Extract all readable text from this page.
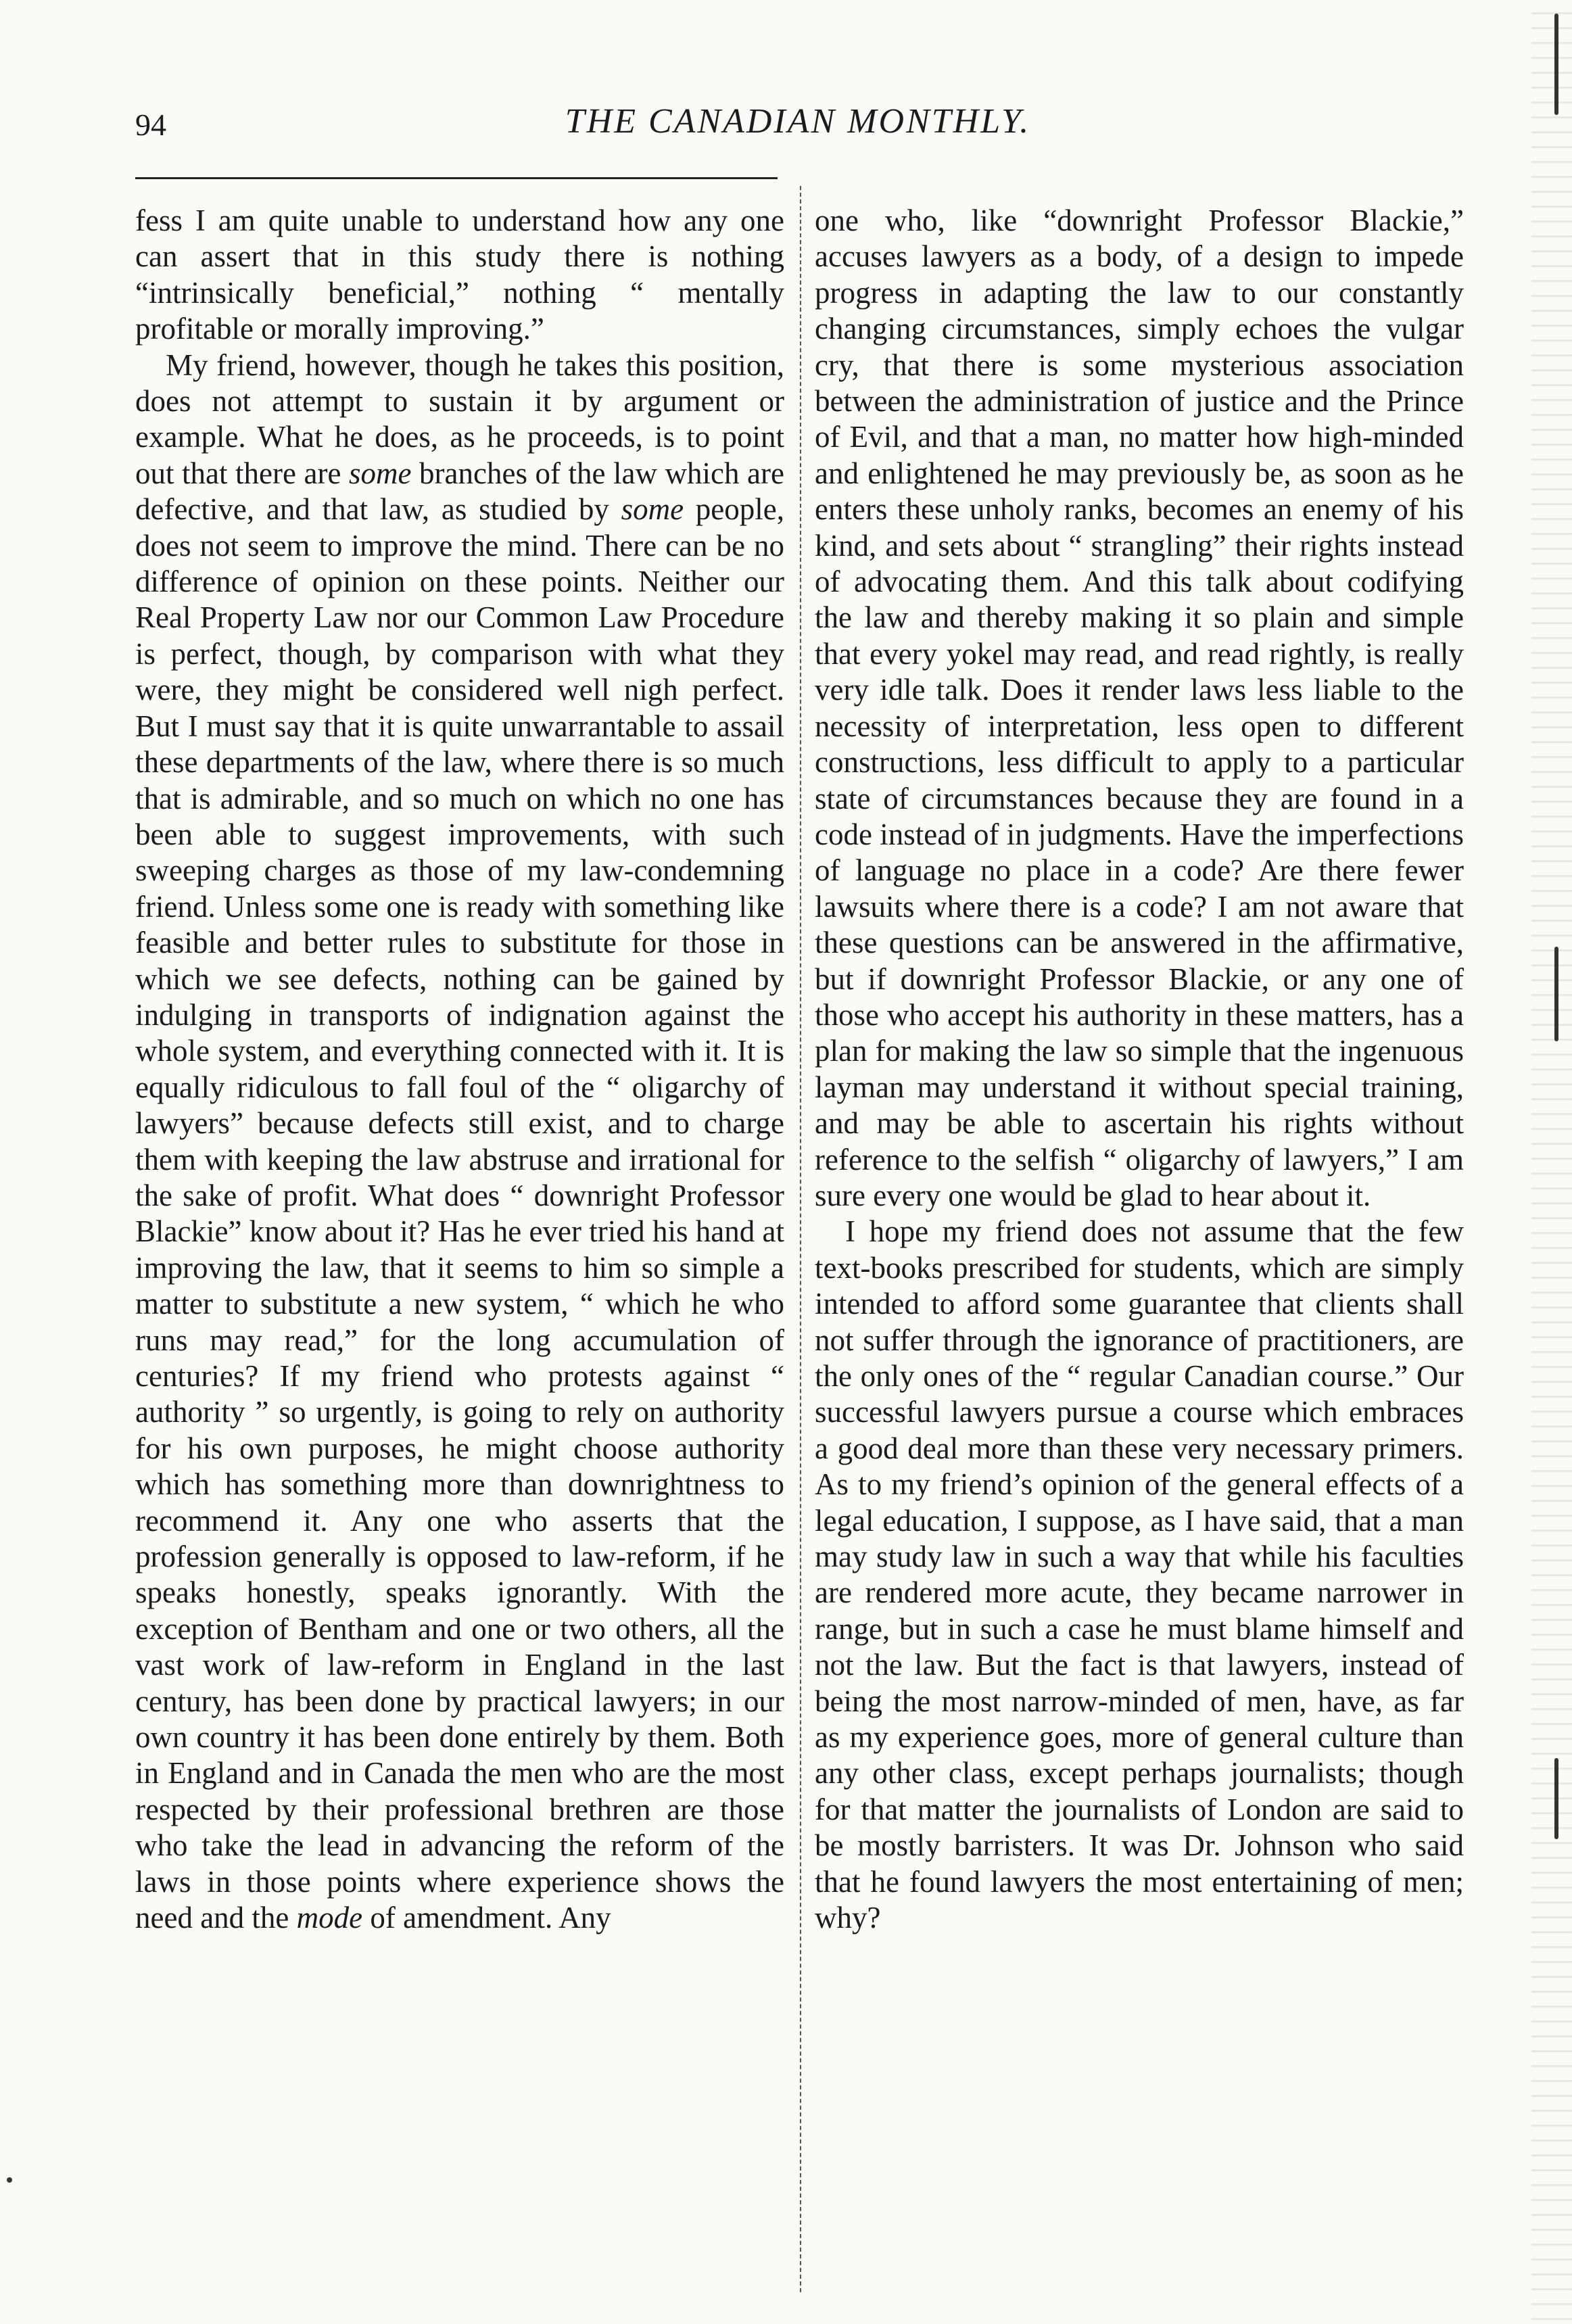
94	THE CANADIAN MONTHLY.

fess I am quite unable to understand how any one can assert that in this study there is nothing “intrinsically beneficial,” nothing “ mentally profitable or morally improving.”

My friend, however, though he takes this position, does not attempt to sustain it by argument or example. What he does, as he proceeds, is to point out that there are some branches of the law which are defective, and that law, as studied by some people, does not seem to improve the mind. There can be no difference of opinion on these points. Neither our Real Property Law nor our Common Law Procedure is perfect, though, by comparison with what they were, they might be considered well nigh perfect. But I must say that it is quite unwarrantable to assail these departments of the law, where there is so much that is admirable, and so much on which no one has been able to suggest improvements, with such sweeping charges as those of my law-condemning friend. Unless some one is ready with something like feasible and better rules to substitute for those in which we see defects, nothing can be gained by indulging in transports of indignation against the whole system, and everything connected with it. It is equally ridiculous to fall foul of the “ oligarchy of lawyers” because defects still exist, and to charge them with keeping the law abstruse and irrational for the sake of profit. What does “ downright Professor Blackie” know about it? Has he ever tried his hand at improving the law, that it seems to him so simple a matter to substitute a new system, “ which he who runs may read,” for the long accumulation of centuries? If my friend who protests against “ authority ” so urgently, is going to rely on authority for his own purposes, he might choose authority which has something more than downrightness to recommend it. Any one who asserts that the profession generally is opposed to law-reform, if he speaks honestly, speaks ignorantly. With the exception of Bentham and one or two others, all the vast work of law-reform in England in the last century, has been done by practical lawyers; in our own country it has been done entirely by them. Both in England and in Canada the men who are the most respected by their professional brethren are those who take the lead in advancing the reform of the laws in those points where experience shows the need and the mode of amendment. Any

one who, like “downright Professor Blackie,” accuses lawyers as a body, of a design to impede progress in adapting the law to our constantly changing circumstances, simply echoes the vulgar cry, that there is some mysterious association between the administration of justice and the Prince of Evil, and that a man, no matter how high-minded and enlightened he may previously be, as soon as he enters these unholy ranks, becomes an enemy of his kind, and sets about “ strangling” their rights instead of advocating them. And this talk about codifying the law and thereby making it so plain and simple that every yokel may read, and read rightly, is really very idle talk. Does it render laws less liable to the necessity of interpretation, less open to different constructions, less difficult to apply to a particular state of circumstances because they are found in a code instead of in judgments. Have the imperfections of language no place in a code? Are there fewer lawsuits where there is a code? I am not aware that these questions can be answered in the affirmative, but if downright Professor Blackie, or any one of those who accept his authority in these matters, has a plan for making the law so simple that the ingenuous layman may understand it without special training, and may be able to ascertain his rights without reference to the selfish “ oligarchy of lawyers,” I am sure every one would be glad to hear about it.

I hope my friend does not assume that the few text-books prescribed for students, which are simply intended to afford some guarantee that clients shall not suffer through the ignorance of practitioners, are the only ones of the “ regular Canadian course.” Our successful lawyers pursue a course which embraces a good deal more than these very necessary primers. As to my friend’s opinion of the general effects of a legal education, I suppose, as I have said, that a man may study law in such a way that while his faculties are rendered more acute, they became narrower in range, but in such a case he must blame himself and not the law. But the fact is that lawyers, instead of being the most narrow-minded of men, have, as far as my experience goes, more of general culture than any other class, except perhaps journalists; though for that matter the journalists of London are said to be mostly barristers. It was Dr. Johnson who said that he found lawyers the most entertaining of men; why?
